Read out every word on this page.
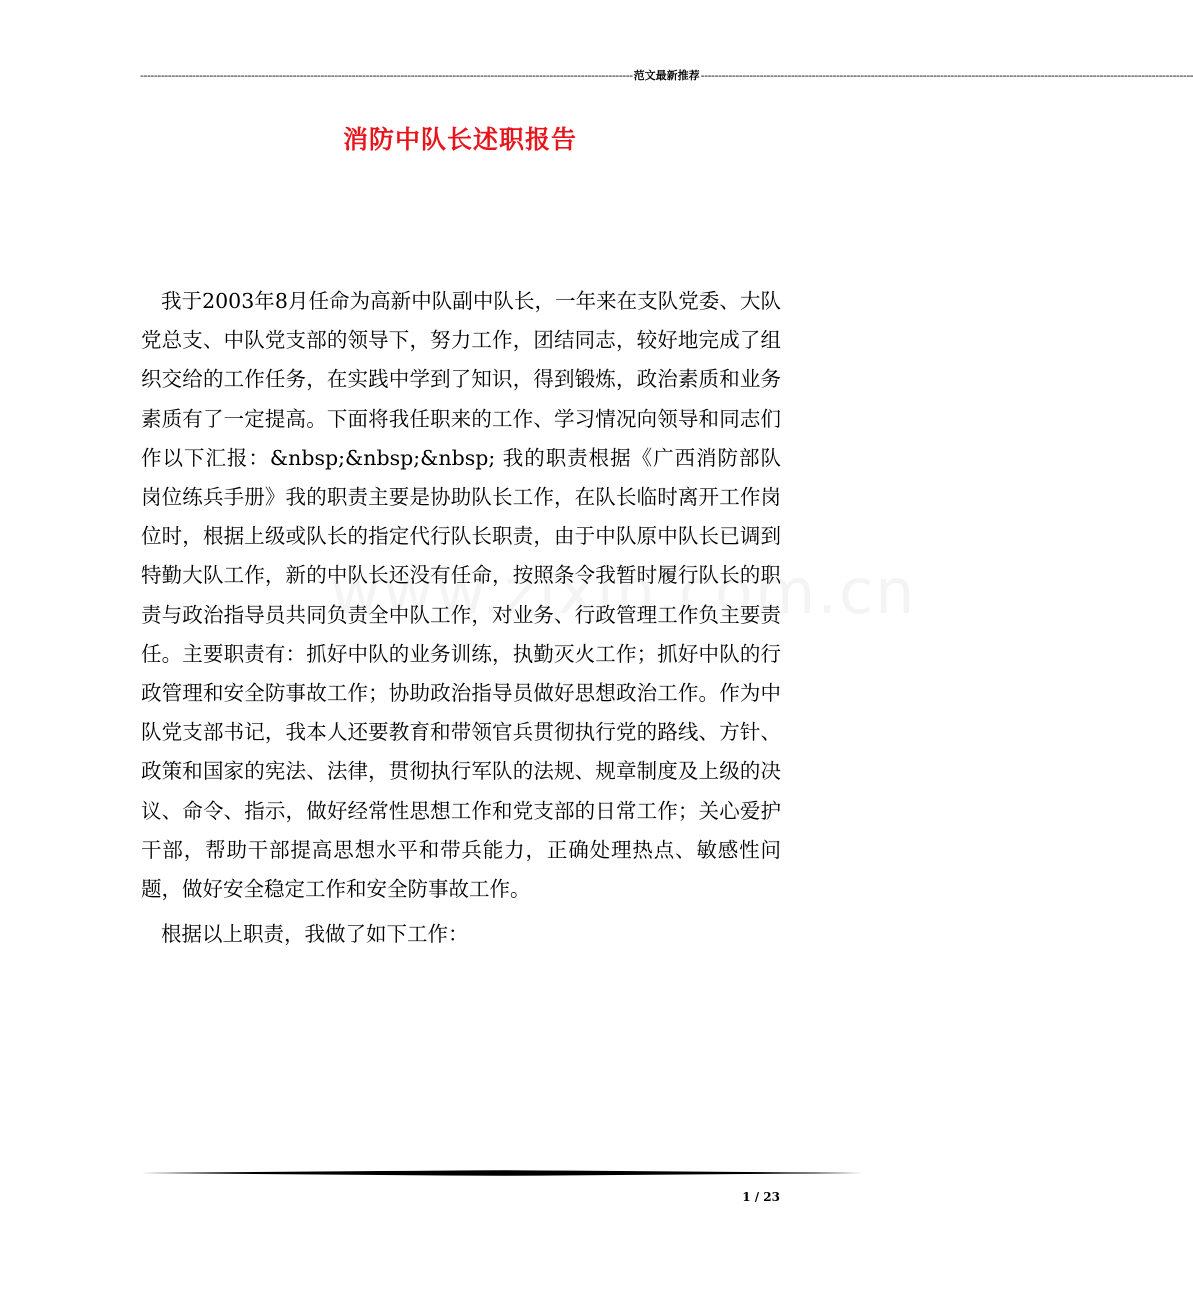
---------------------------------------------------------------------------------------------------------------------------------------------- 范文最新推荐 ----------------------------------------------------------------------------------------------------------------------------------------------
消防中队长述职报告

我于2003年8月任命为高新中队副中队长，一年来在支队党委、大队党总支、中队党支部的领导下，努力工作，团结同志，较好地完成了组织交给的工作任务，在实践中学到了知识，得到锻炼，政治素质和业务素质有了一定提高。下面将我任职来的工作、学习情况向领导和同志们作以下汇报：&nbsp;&nbsp;&nbsp; 我的职责根据《广西消防部队岗位练兵手册》我的职责主要是协助队长工作，在队长临时离开工作岗位时，根据上级或队长的指定代行队长职责，由于中队原中队长已调到特勤大队工作，新的中队长还没有任命，按照条令我暂时履行队长的职责与政治指导员共同负责全中队工作，对业务、行政管理工作负主要责任。主要职责有：抓好中队的业务训练，执勤灭火工作；抓好中队的行政管理和安全防事故工作；协助政治指导员做好思想政治工作。作为中队党支部书记，我本人还要教育和带领官兵贯彻执行党的路线、方针、政策和国家的宪法、法律，贯彻执行军队的法规、规章制度及上级的决议、命令、指示，做好经常性思想工作和党支部的日常工作；关心爱护干部，帮助干部提高思想水平和带兵能力，正确处理热点、敏感性问题，做好安全稳定工作和安全防事故工作。

根据以上职责，我做了如下工作：

1 / 23
